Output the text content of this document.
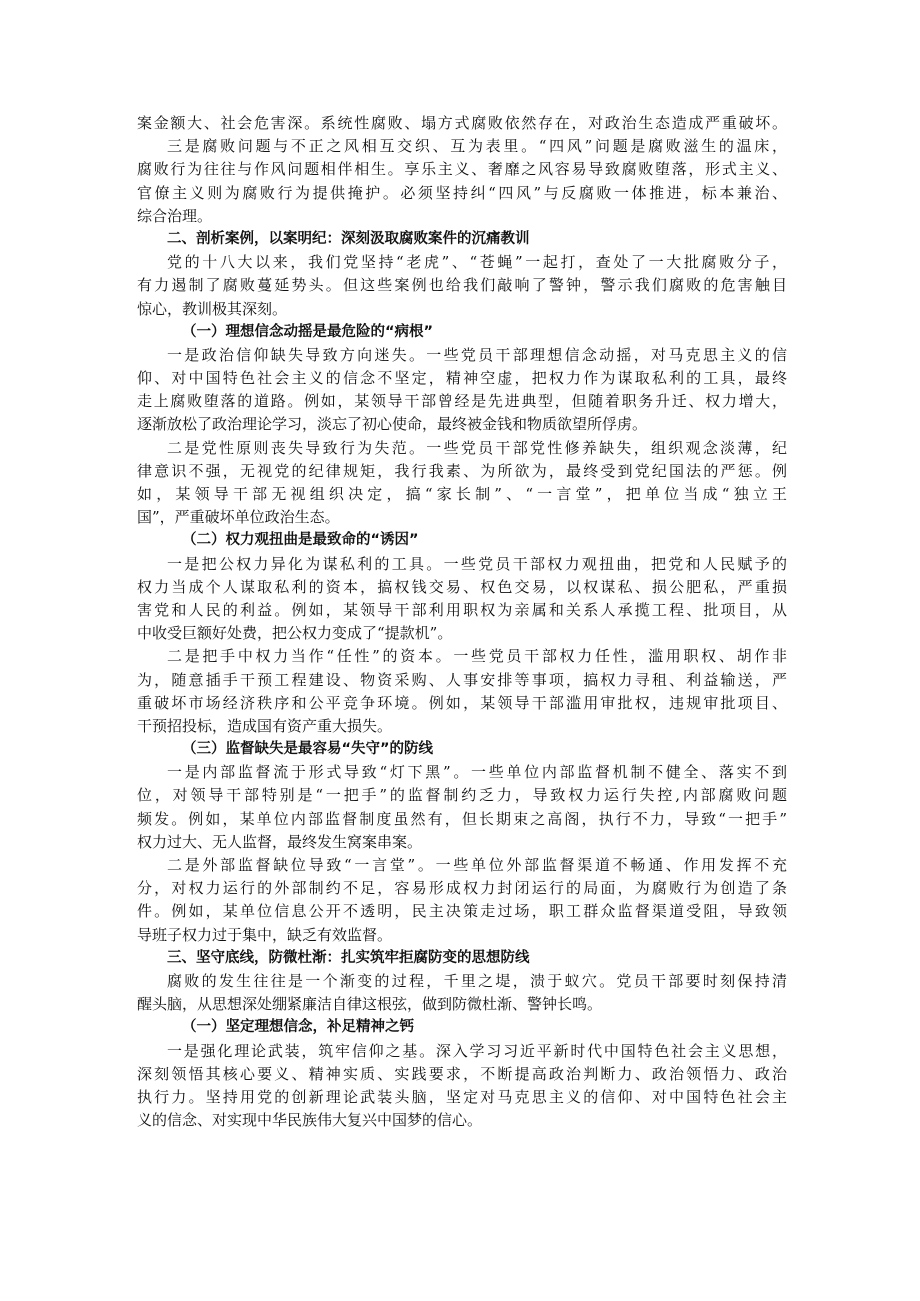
案金额大、社会危害深。系统性腐败、塌方式腐败依然存在，对政治生态造成严重破坏。
三是腐败问题与不正之风相互交织、互为表里。“四风”问题是腐败滋生的温床，
腐败行为往往与作风问题相伴相生。享乐主义、奢靡之风容易导致腐败堕落，形式主义、
官僚主义则为腐败行为提供掩护。必须坚持纠“四风”与反腐败一体推进，标本兼治、
综合治理。
二、剖析案例，以案明纪：深刻汲取腐败案件的沉痛教训
党的十八大以来，我们党坚持“老虎”、“苍蝇”一起打，查处了一大批腐败分子，
有力遏制了腐败蔓延势头。但这些案例也给我们敲响了警钟，警示我们腐败的危害触目
惊心，教训极其深刻。
（一）理想信念动摇是最危险的“病根”
一是政治信仰缺失导致方向迷失。一些党员干部理想信念动摇，对马克思主义的信
仰、对中国特色社会主义的信念不坚定，精神空虚，把权力作为谋取私利的工具，最终
走上腐败堕落的道路。例如，某领导干部曾经是先进典型，但随着职务升迁、权力增大，
逐渐放松了政治理论学习，淡忘了初心使命，最终被金钱和物质欲望所俘虏。
二是党性原则丧失导致行为失范。一些党员干部党性修养缺失，组织观念淡薄，纪
律意识不强，无视党的纪律规矩，我行我素、为所欲为，最终受到党纪国法的严惩。例
如，某领导干部无视组织决定，搞“家长制”、“一言堂”，把单位当成“独立王
国”，严重破坏单位政治生态。
（二）权力观扭曲是最致命的“诱因”
一是把公权力异化为谋私利的工具。一些党员干部权力观扭曲，把党和人民赋予的
权力当成个人谋取私利的资本，搞权钱交易、权色交易，以权谋私、损公肥私，严重损
害党和人民的利益。例如，某领导干部利用职权为亲属和关系人承揽工程、批项目，从
中收受巨额好处费，把公权力变成了“提款机”。
二是把手中权力当作“任性”的资本。一些党员干部权力任性，滥用职权、胡作非
为，随意插手干预工程建设、物资采购、人事安排等事项，搞权力寻租、利益输送，严
重破坏市场经济秩序和公平竞争环境。例如，某领导干部滥用审批权，违规审批项目、
干预招投标，造成国有资产重大损失。
（三）监督缺失是最容易“失守”的防线
一是内部监督流于形式导致“灯下黑”。一些单位内部监督机制不健全、落实不到
位，对领导干部特别是“一把手”的监督制约乏力，导致权力运行失控,内部腐败问题
频发。例如，某单位内部监督制度虽然有，但长期束之高阁，执行不力，导致“一把手”
权力过大、无人监督，最终发生窝案串案。
二是外部监督缺位导致“一言堂”。一些单位外部监督渠道不畅通、作用发挥不充
分，对权力运行的外部制约不足，容易形成权力封闭运行的局面，为腐败行为创造了条
件。例如，某单位信息公开不透明，民主决策走过场，职工群众监督渠道受阻，导致领
导班子权力过于集中，缺乏有效监督。
三、坚守底线，防微杜渐：扎实筑牢拒腐防变的思想防线
腐败的发生往往是一个渐变的过程，千里之堤，溃于蚁穴。党员干部要时刻保持清
醒头脑，从思想深处绷紧廉洁自律这根弦，做到防微杜渐、警钟长鸣。
（一）坚定理想信念，补足精神之钙
一是强化理论武装，筑牢信仰之基。深入学习习近平新时代中国特色社会主义思想，
深刻领悟其核心要义、精神实质、实践要求，不断提高政治判断力、政治领悟力、政治
执行力。坚持用党的创新理论武装头脑，坚定对马克思主义的信仰、对中国特色社会主
义的信念、对实现中华民族伟大复兴中国梦的信心。
